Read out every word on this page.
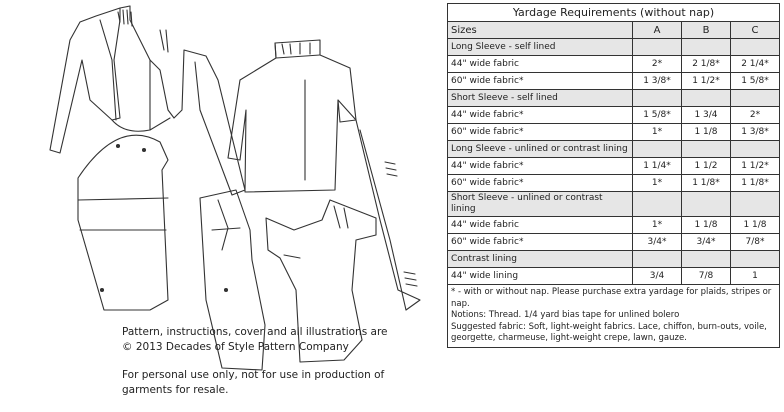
Pattern, instructions, cover and all illustrations are © 2013 Decades of Style Pattern Company
For personal use only, not for use in production of garments for resale.
Yardage Requirements (without nap)			
Sizes	A	B	C
Long Sleeve - self lined			
44" wide fabric	2*	2 1/8*	2 1/4*
60" wide fabric*	1 3/8*	1 1/2*	1 5/8*
Short Sleeve - self lined			
44" wide fabric*	1 5/8*	1 3/4	2*
60" wide fabric*	1*	1 1/8	1 3/8*
Long Sleeve - unlined or contrast lining			
44" wide fabric*	1 1/4*	1 1/2	1 1/2*
60" wide fabric*	1*	1 1/8*	1 1/8*
Short Sleeve - unlined or contrast lining			
44" wide fabric	1*	1 1/8	1 1/8
60" wide fabric*	3/4*	3/4*	7/8*
Contrast lining			
44" wide lining	3/4	7/8	1

* - with or without nap. Please purchase extra yardage for plaids, stripes or nap.

Notions: Thread. 1/4 yard bias tape for unlined bolero

Suggested fabric: Soft, light-weight fabrics. Lace, chiffon, burn-outs, voile, georgette, charmeuse, light-weight crepe, lawn, gauze.			
